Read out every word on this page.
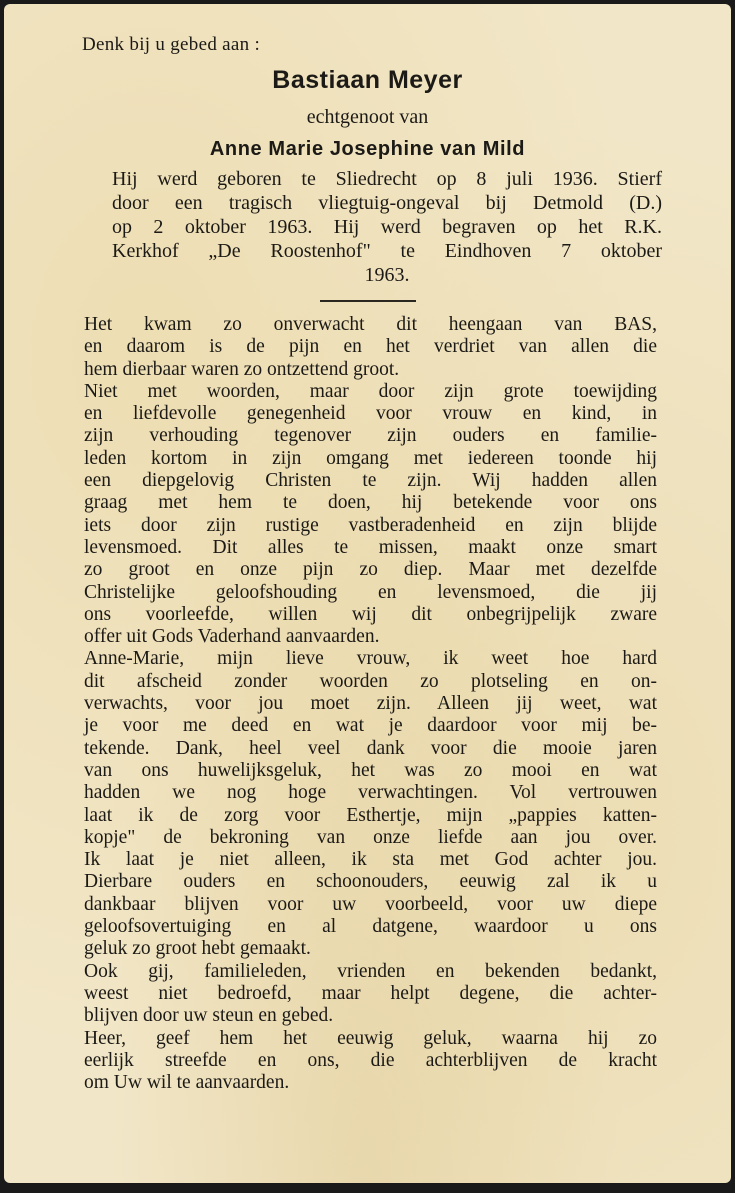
Denk bij u gebed aan :
Bastiaan Meyer
echtgenoot van
Anne Marie Josephine van Mild
Hij werd geboren te Sliedrecht op 8 juli 1936. Stierf
door een tragisch vliegtuig-ongeval bij Detmold (D.)
op 2 oktober 1963. Hij werd begraven op het R.K.
Kerkhof „De Roostenhof" te Eindhoven 7 oktober
1963.
Het kwam zo onverwacht dit heengaan van BAS,
en daarom is de pijn en het verdriet van allen die
hem dierbaar waren zo ontzettend groot.
Niet met woorden, maar door zijn grote toewijding
en liefdevolle genegenheid voor vrouw en kind, in
zijn verhouding tegenover zijn ouders en familie-
leden kortom in zijn omgang met iedereen toonde hij
een diepgelovig Christen te zijn. Wij hadden allen
graag met hem te doen, hij betekende voor ons
iets door zijn rustige vastberadenheid en zijn blijde
levensmoed. Dit alles te missen, maakt onze smart
zo groot en onze pijn zo diep. Maar met dezelfde
Christelijke geloofshouding en levensmoed, die jij
ons voorleefde, willen wij dit onbegrijpelijk zware
offer uit Gods Vaderhand aanvaarden.
Anne-Marie, mijn lieve vrouw, ik weet hoe hard
dit afscheid zonder woorden zo plotseling en on-
verwachts, voor jou moet zijn. Alleen jij weet, wat
je voor me deed en wat je daardoor voor mij be-
tekende. Dank, heel veel dank voor die mooie jaren
van ons huwelijksgeluk, het was zo mooi en wat
hadden we nog hoge verwachtingen. Vol vertrouwen
laat ik de zorg voor Esthertje, mijn „pappies katten-
kopje" de bekroning van onze liefde aan jou over.
Ik laat je niet alleen, ik sta met God achter jou.
Dierbare ouders en schoonouders, eeuwig zal ik u
dankbaar blijven voor uw voorbeeld, voor uw diepe
geloofsovertuiging en al datgene, waardoor u ons
geluk zo groot hebt gemaakt.
Ook gij, familieleden, vrienden en bekenden bedankt,
weest niet bedroefd, maar helpt degene, die achter-
blijven door uw steun en gebed.
Heer, geef hem het eeuwig geluk, waarna hij zo
eerlijk streefde en ons, die achterblijven de kracht
om Uw wil te aanvaarden.
